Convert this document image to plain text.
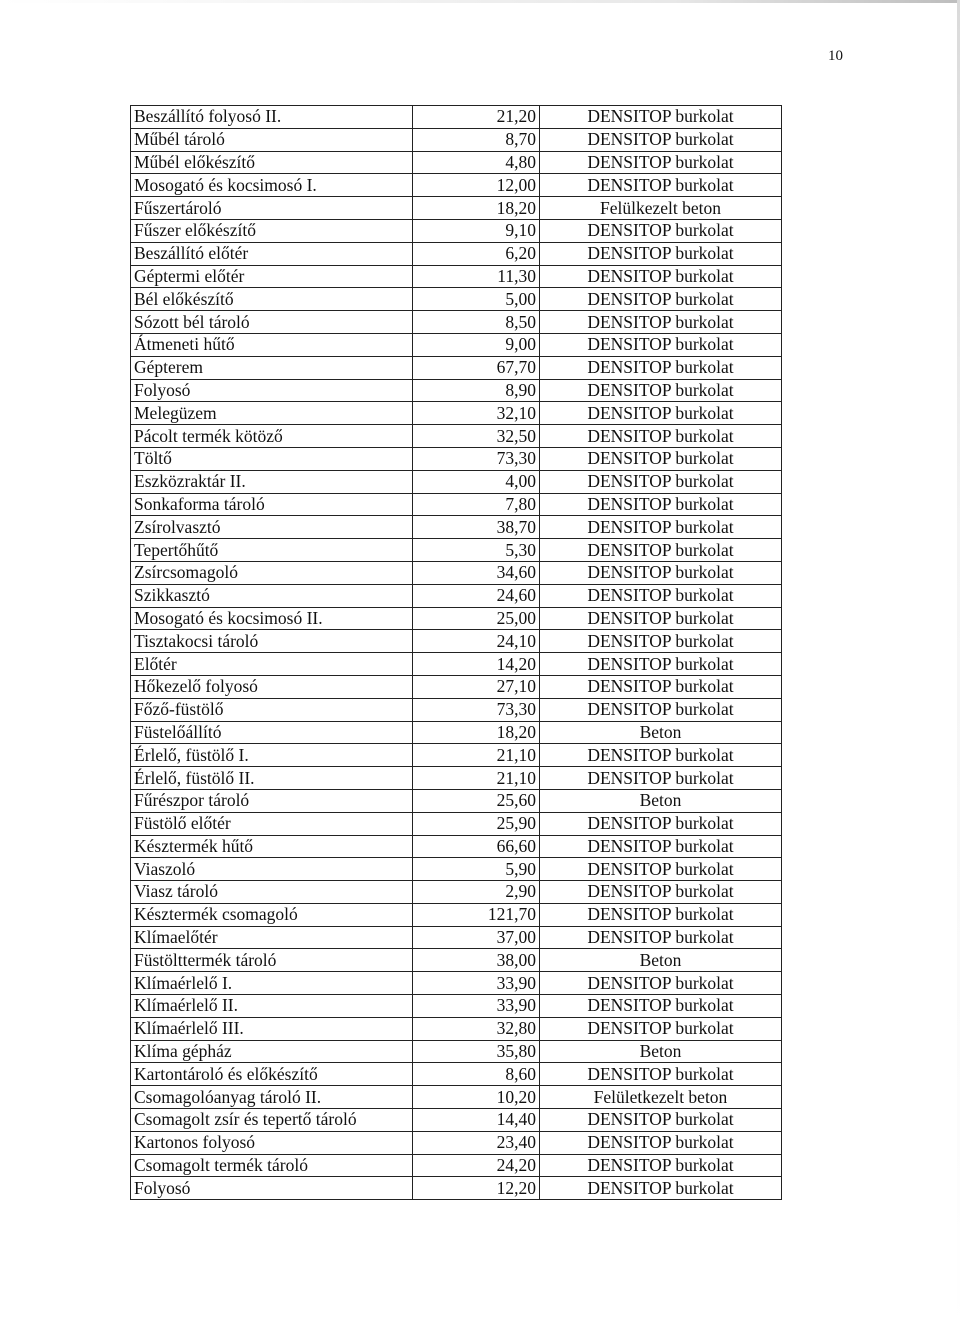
10
Beszállító folyosó II.	21,20	DENSITOP burkolat
Műbél tároló	8,70	DENSITOP burkolat
Műbél előkészítő	4,80	DENSITOP burkolat
Mosogató és kocsimosó I.	12,00	DENSITOP burkolat
Fűszertároló	18,20	Felülkezelt beton
Fűszer előkészítő	9,10	DENSITOP burkolat
Beszállító előtér	6,20	DENSITOP burkolat
Géptermi előtér	11,30	DENSITOP burkolat
Bél előkészítő	5,00	DENSITOP burkolat
Sózott bél tároló	8,50	DENSITOP burkolat
Átmeneti hűtő	9,00	DENSITOP burkolat
Gépterem	67,70	DENSITOP burkolat
Folyosó	8,90	DENSITOP burkolat
Melegüzem	32,10	DENSITOP burkolat
Pácolt termék kötöző	32,50	DENSITOP burkolat
Töltő	73,30	DENSITOP burkolat
Eszközraktár II.	4,00	DENSITOP burkolat
Sonkaforma tároló	7,80	DENSITOP burkolat
Zsírolvasztó	38,70	DENSITOP burkolat
Tepertőhűtő	5,30	DENSITOP burkolat
Zsírcsomagoló	34,60	DENSITOP burkolat
Szikkasztó	24,60	DENSITOP burkolat
Mosogató és kocsimosó II.	25,00	DENSITOP burkolat
Tisztakocsi tároló	24,10	DENSITOP burkolat
Előtér	14,20	DENSITOP burkolat
Hőkezelő folyosó	27,10	DENSITOP burkolat
Főző-füstölő	73,30	DENSITOP burkolat
Füstelőállító	18,20	Beton
Érlelő, füstölő I.	21,10	DENSITOP burkolat
Érlelő, füstölő II.	21,10	DENSITOP burkolat
Fűrészpor tároló	25,60	Beton
Füstölő előtér	25,90	DENSITOP burkolat
Késztermék hűtő	66,60	DENSITOP burkolat
Viaszoló	5,90	DENSITOP burkolat
Viasz tároló	2,90	DENSITOP burkolat
Késztermék csomagoló	121,70	DENSITOP burkolat
Klímaelőtér	37,00	DENSITOP burkolat
Füstölttermék tároló	38,00	Beton
Klímaérlelő I.	33,90	DENSITOP burkolat
Klímaérlelő II.	33,90	DENSITOP burkolat
Klímaérlelő III.	32,80	DENSITOP burkolat
Klíma gépház	35,80	Beton
Kartontároló és előkészítő	8,60	DENSITOP burkolat
Csomagolóanyag tároló II.	10,20	Felületkezelt beton
Csomagolt zsír és tepertő tároló	14,40	DENSITOP burkolat
Kartonos folyosó	23,40	DENSITOP burkolat
Csomagolt termék tároló	24,20	DENSITOP burkolat
Folyosó	12,20	DENSITOP burkolat
